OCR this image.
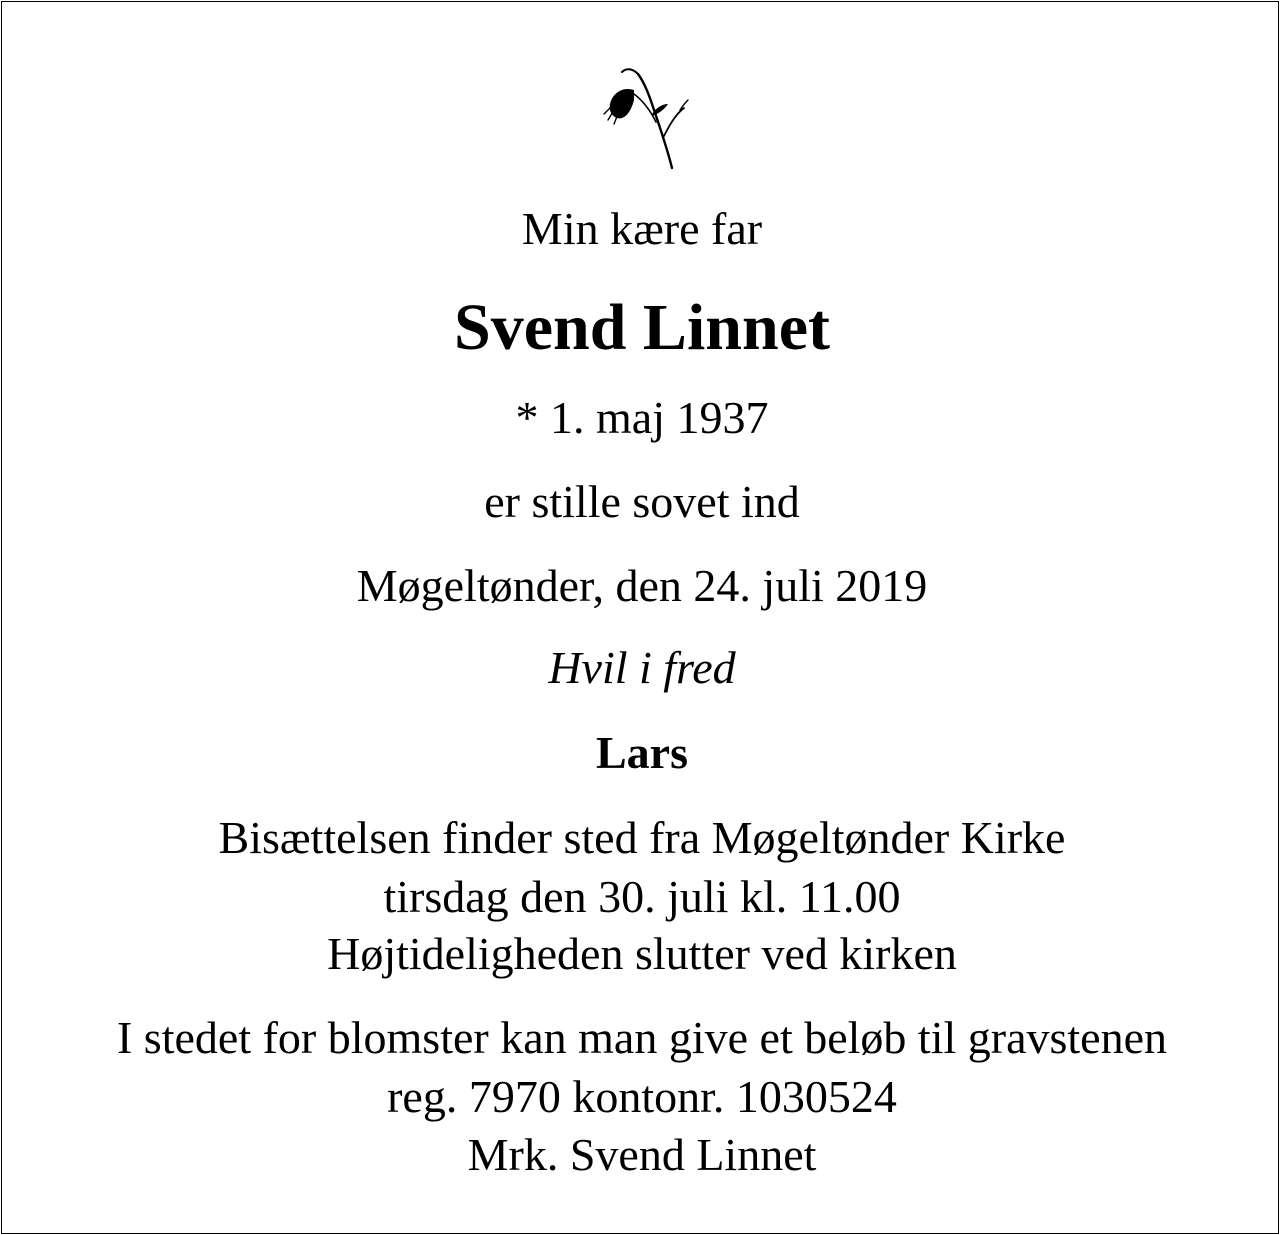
Min kære far
Svend Linnet
* 1. maj 1937
er stille sovet ind
Møgeltønder, den 24. juli 2019
Hvil i fred
Lars
Bisættelsen finder sted fra Møgeltønder Kirke
tirsdag den 30. juli kl. 11.00
Højtideligheden slutter ved kirken
I stedet for blomster kan man give et beløb til gravstenen
reg. 7970 kontonr. 1030524
Mrk. Svend Linnet
